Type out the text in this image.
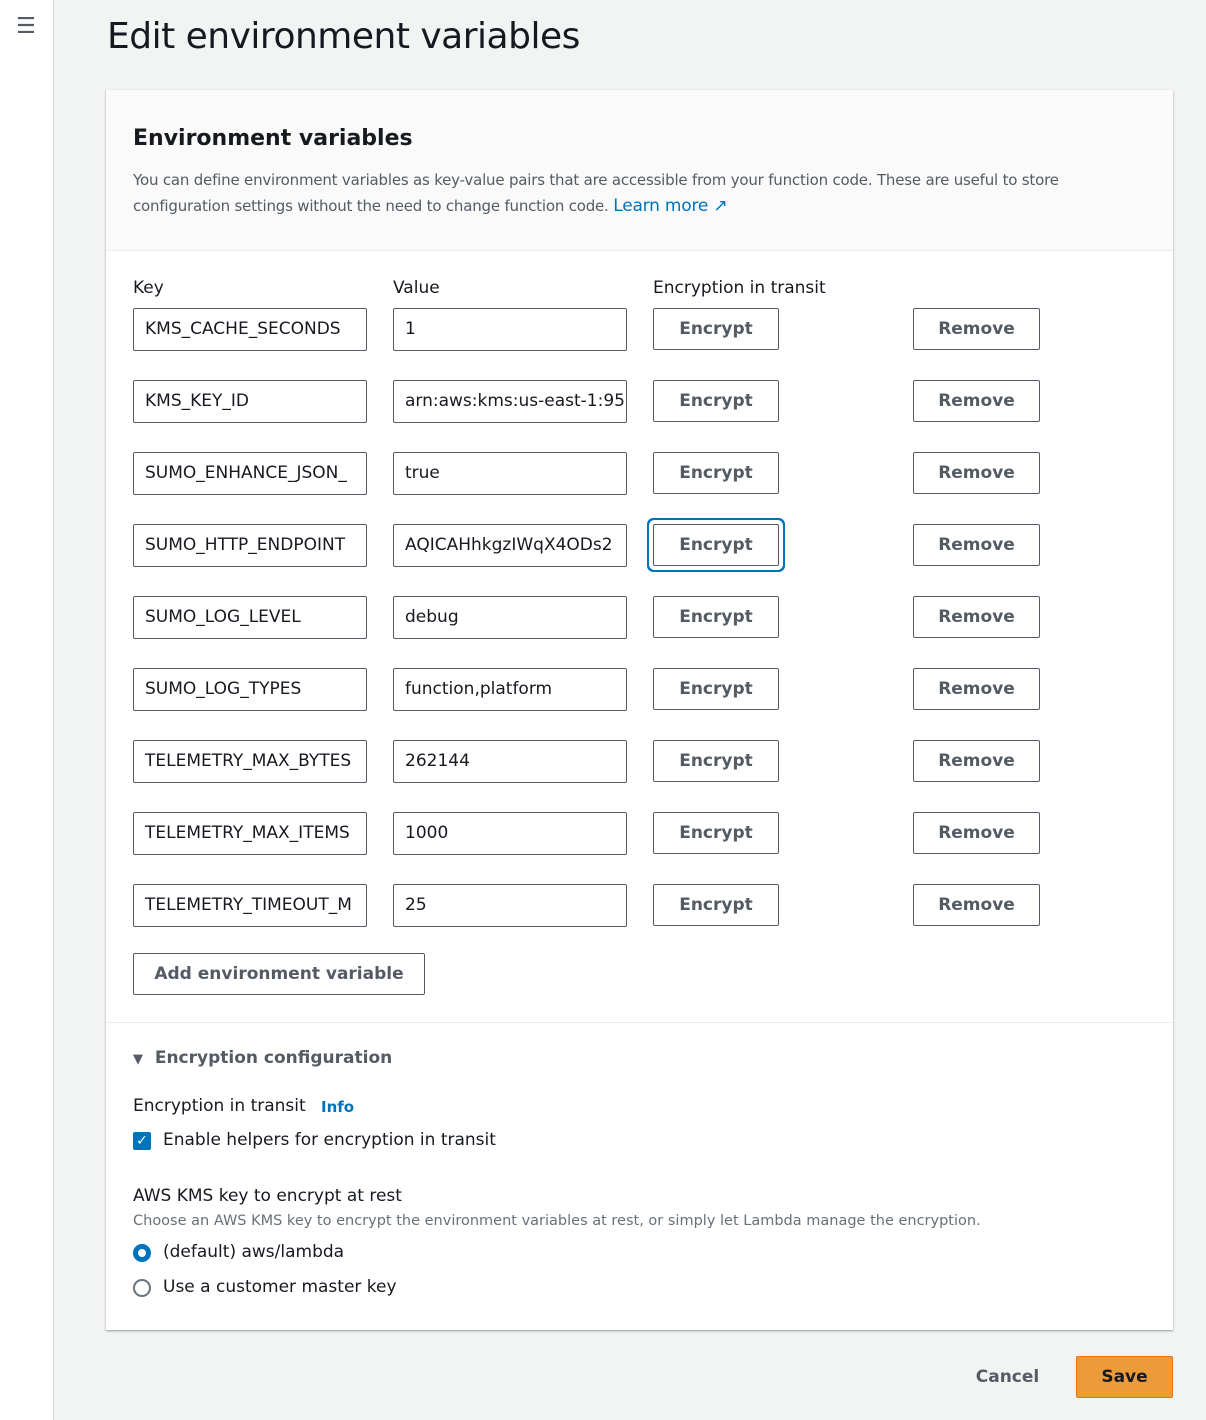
☰ Edit environment variables
Environment variables

You can define environment variables as key-value pairs that are accessible from your function code. These are useful to store configuration settings without the need to change function code. Learn more ↗

Key	Value	Encryption in transit
KMS_CACHE_SECONDS	1	Encrypt	Remove
KMS_KEY_ID	arn:aws:kms:us-east-1:95	Encrypt	Remove
SUMO_ENHANCE_JSON_	true	Encrypt	Remove
SUMO_HTTP_ENDPOINT	AQICAHhkgzIWqX4ODs2	Encrypt	Remove
SUMO_LOG_LEVEL	debug	Encrypt	Remove
SUMO_LOG_TYPES	function,platform	Encrypt	Remove
TELEMETRY_MAX_BYTES	262144	Encrypt	Remove
TELEMETRY_MAX_ITEMS	1000	Encrypt	Remove
TELEMETRY_TIMEOUT_M	25	Encrypt	Remove
Add environment variable
▼ Encryption configuration
Encryption in transit Info
✓ Enable helpers for encryption in transit
AWS KMS key to encrypt at rest
Choose an AWS KMS key to encrypt the environment variables at rest, or simply let Lambda manage the encryption.
(default) aws/lambda
Use a customer master key
Cancel	Save
